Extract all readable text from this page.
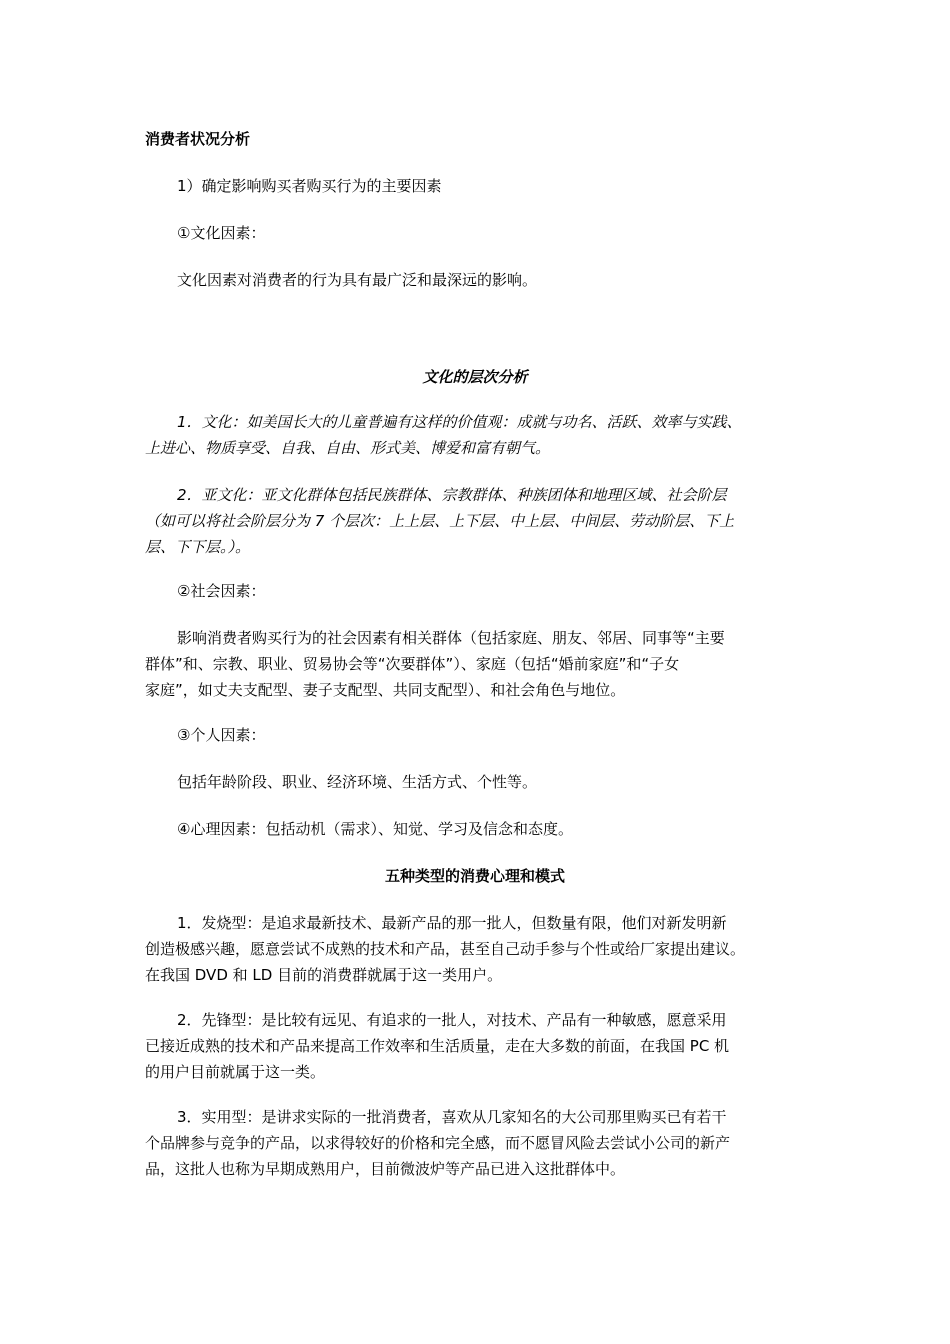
消费者状况分析
1）确定影响购买者购买行为的主要因素
①文化因素：
文化因素对消费者的行为具有最广泛和最深远的影响。
文化的层次分析
1．文化：如美国长大的儿童普遍有这样的价值观：成就与功名、活跃、效率与实践、
上进心、物质享受、自我、自由、形式美、博爱和富有朝气。
2．亚文化：亚文化群体包括民族群体、宗教群体、种族团体和地理区域、社会阶层
（如可以将社会阶层分为 7 个层次：上上层、上下层、中上层、中间层、劳动阶层、下上
层、下下层。）。
②社会因素：
影响消费者购买行为的社会因素有相关群体（包括家庭、朋友、邻居、同事等“主要
群体”和、宗教、职业、贸易协会等“次要群体”）、家庭（包括“婚前家庭”和“子女
家庭”，如丈夫支配型、妻子支配型、共同支配型）、和社会角色与地位。
③个人因素：
包括年龄阶段、职业、经济环境、生活方式、个性等。
④心理因素：包括动机（需求）、知觉、学习及信念和态度。
五种类型的消费心理和模式
1．发烧型：是追求最新技术、最新产品的那一批人，但数量有限，他们对新发明新
创造极感兴趣，愿意尝试不成熟的技术和产品，甚至自己动手参与个性或给厂家提出建议。
在我国 DVD 和 LD 目前的消费群就属于这一类用户。
2．先锋型：是比较有远见、有追求的一批人，对技术、产品有一种敏感，愿意采用
已接近成熟的技术和产品来提高工作效率和生活质量，走在大多数的前面，在我国 PC 机
的用户目前就属于这一类。
3．实用型：是讲求实际的一批消费者，喜欢从几家知名的大公司那里购买已有若干
个品牌参与竞争的产品，以求得较好的价格和完全感，而不愿冒风险去尝试小公司的新产
品，这批人也称为早期成熟用户，目前微波炉等产品已进入这批群体中。
